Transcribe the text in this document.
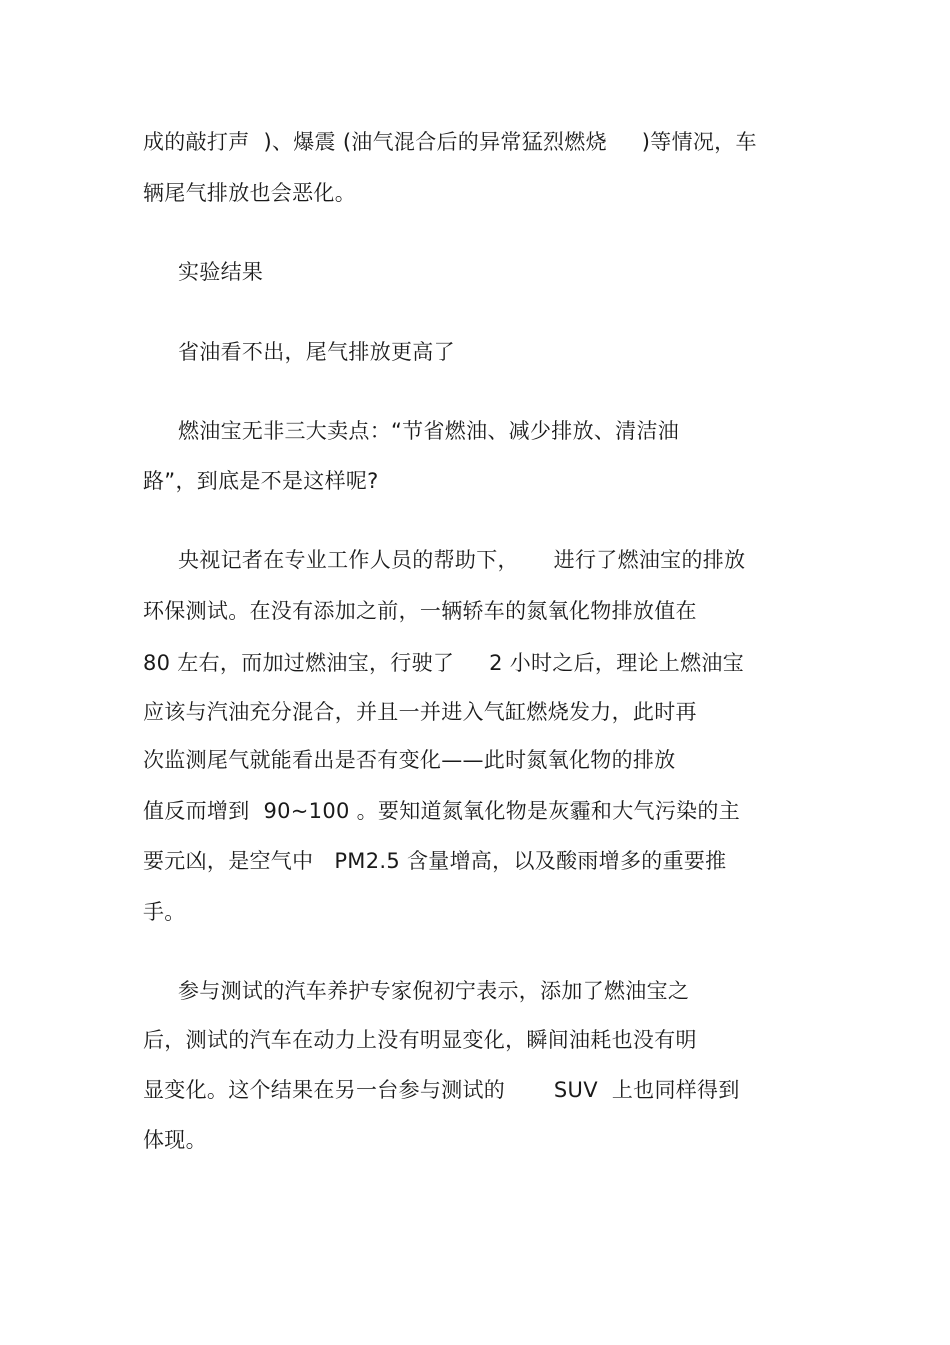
成的敲打声  )、爆震 (油气混合后的异常猛烈燃烧     )等情况，车
辆尾气排放也会恶化。
实验结果
省油看不出，尾气排放更高了
燃油宝无非三大卖点：“节省燃油、减少排放、清洁油
路”，到底是不是这样呢?
央视记者在专业工作人员的帮助下，     进行了燃油宝的排放
环保测试。在没有添加之前，一辆轿车的氮氧化物排放值在
80 左右，而加过燃油宝，行驶了     2 小时之后，理论上燃油宝
应该与汽油充分混合，并且一并进入气缸燃烧发力，此时再
次监测尾气就能看出是否有变化——此时氮氧化物的排放
值反而增到  90~100 。要知道氮氧化物是灰霾和大气污染的主
要元凶，是空气中   PM2.5 含量增高，以及酸雨增多的重要推
手。
参与测试的汽车养护专家倪初宁表示，添加了燃油宝之
后，测试的汽车在动力上没有明显变化，瞬间油耗也没有明
显变化。这个结果在另一台参与测试的       SUV  上也同样得到
体现。
